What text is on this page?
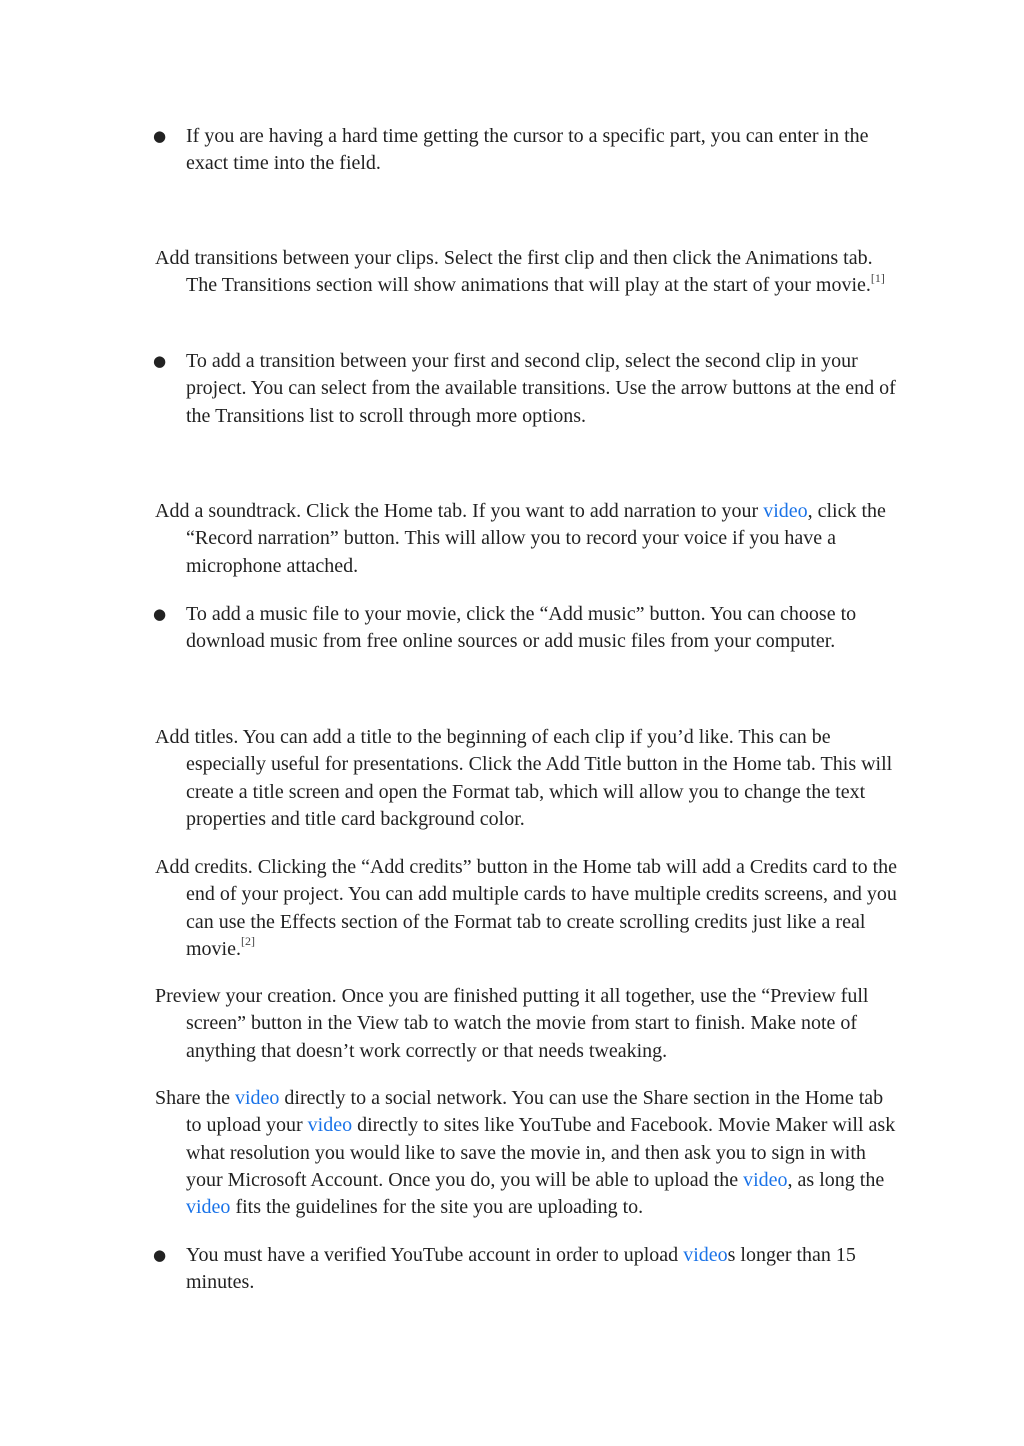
● If you are having a hard time getting the cursor to a specific part, you can enter in the exact time into the field.
Add transitions between your clips. Select the first clip and then click the Animations tab. The Transitions section will show animations that will play at the start of your movie.[1]
● To add a transition between your first and second clip, select the second clip in your project. You can select from the available transitions. Use the arrow buttons at the end of the Transitions list to scroll through more options.
Add a soundtrack. Click the Home tab. If you want to add narration to your video, click the “Record narration” button. This will allow you to record your voice if you have a microphone attached.
● To add a music file to your movie, click the “Add music” button. You can choose to download music from free online sources or add music files from your computer.
Add titles. You can add a title to the beginning of each clip if you’d like. This can be especially useful for presentations. Click the Add Title button in the Home tab. This will create a title screen and open the Format tab, which will allow you to change the text properties and title card background color.
Add credits. Clicking the “Add credits” button in the Home tab will add a Credits card to the end of your project. You can add multiple cards to have multiple credits screens, and you can use the Effects section of the Format tab to create scrolling credits just like a real movie.[2]
Preview your creation. Once you are finished putting it all together, use the “Preview full screen” button in the View tab to watch the movie from start to finish. Make note of anything that doesn’t work correctly or that needs tweaking.
Share the video directly to a social network. You can use the Share section in the Home tab to upload your video directly to sites like YouTube and Facebook. Movie Maker will ask what resolution you would like to save the movie in, and then ask you to sign in with your Microsoft Account. Once you do, you will be able to upload the video, as long the video fits the guidelines for the site you are uploading to.
● You must have a verified YouTube account in order to upload videos longer than 15 minutes.
